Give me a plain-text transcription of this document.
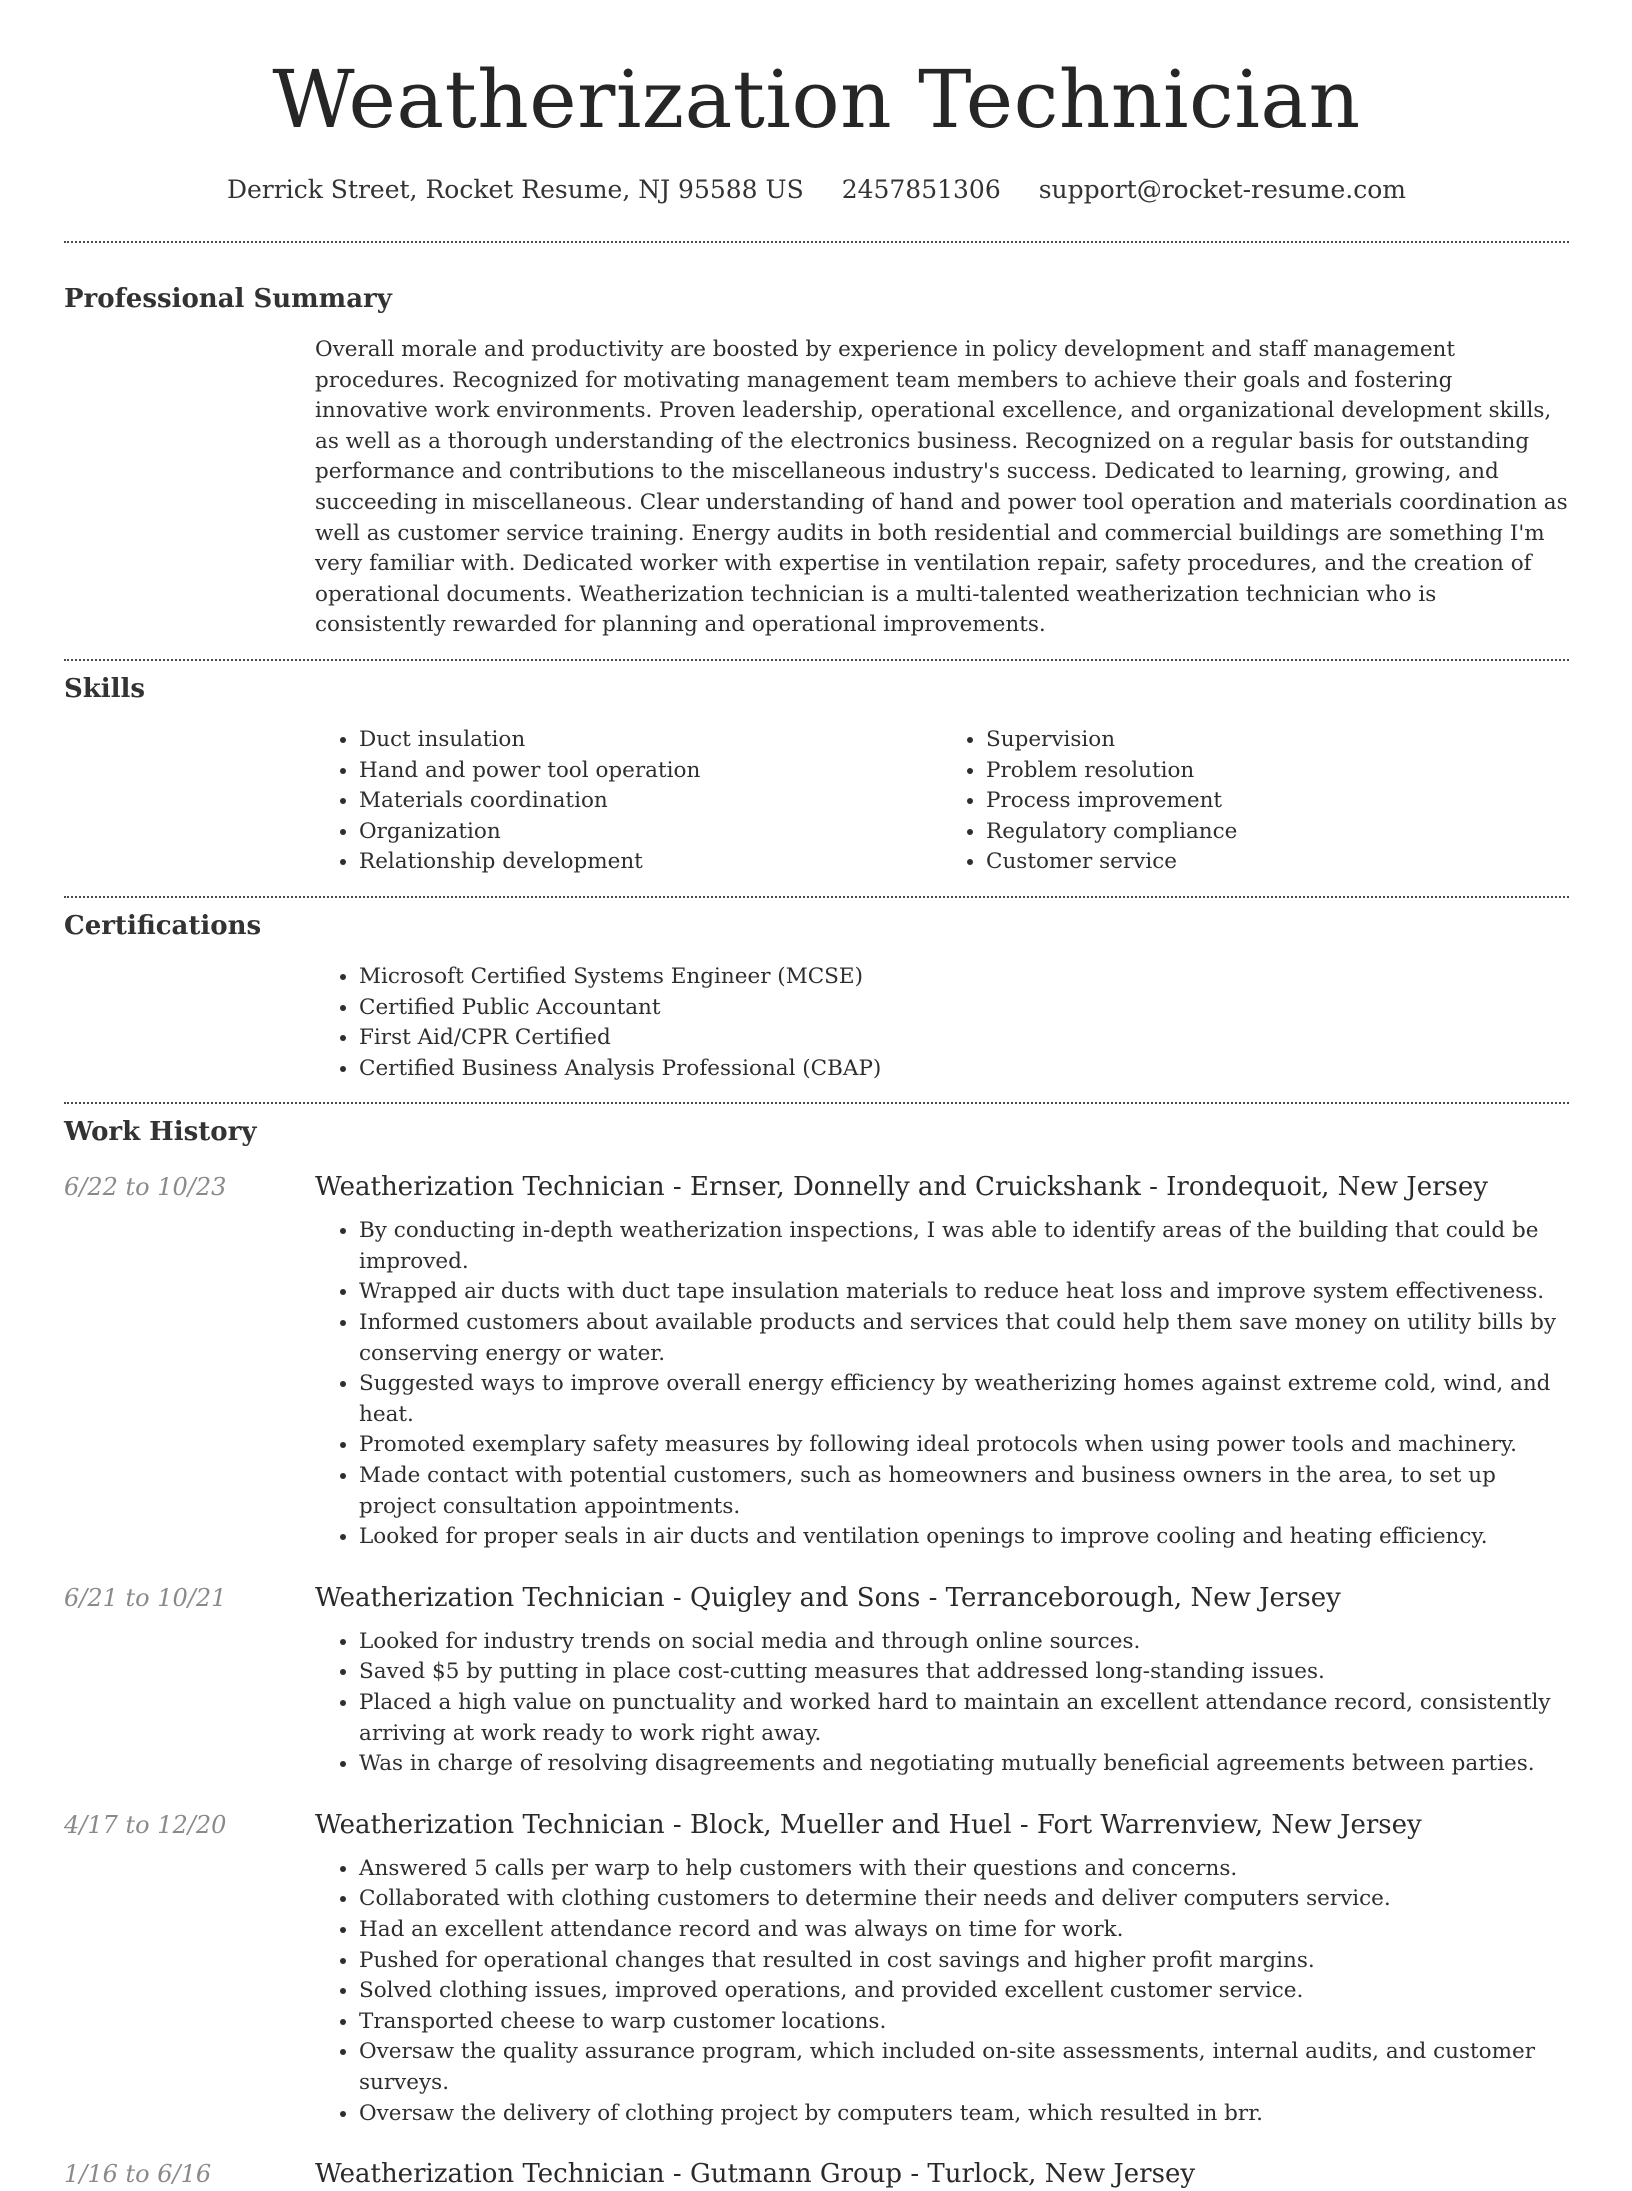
Weatherization Technician
Derrick Street, Rocket Resume, NJ 95588 US 2457851306 support@rocket-resume.com
Professional Summary
Overall morale and productivity are boosted by experience in policy development and staff management procedures. Recognized for motivating management team members to achieve their goals and fostering innovative work environments. Proven leadership, operational excellence, and organizational development skills, as well as a thorough understanding of the electronics business. Recognized on a regular basis for outstanding performance and contributions to the miscellaneous industry's success. Dedicated to learning, growing, and succeeding in miscellaneous. Clear understanding of hand and power tool operation and materials coordination as well as customer service training. Energy audits in both residential and commercial buildings are something I'm very familiar with. Dedicated worker with expertise in ventilation repair, safety procedures, and the creation of operational documents. Weatherization technician is a multi-talented weatherization technician who is consistently rewarded for planning and operational improvements.
Skills
• Duct insulation
• Hand and power tool operation
• Materials coordination
• Organization
• Relationship development
• Supervision
• Problem resolution
• Process improvement
• Regulatory compliance
• Customer service
Certifications
• Microsoft Certified Systems Engineer (MCSE)
• Certified Public Accountant
• First Aid/CPR Certified
• Certified Business Analysis Professional (CBAP)
Work History
6/22 to 10/23	Weatherization Technician - Ernser, Donnelly and Cruickshank - Irondequoit, New Jersey
• By conducting in-depth weatherization inspections, I was able to identify areas of the building that could be improved.
• Wrapped air ducts with duct tape insulation materials to reduce heat loss and improve system effectiveness.
• Informed customers about available products and services that could help them save money on utility bills by conserving energy or water.
• Suggested ways to improve overall energy efficiency by weatherizing homes against extreme cold, wind, and heat.
• Promoted exemplary safety measures by following ideal protocols when using power tools and machinery.
• Made contact with potential customers, such as homeowners and business owners in the area, to set up project consultation appointments.
• Looked for proper seals in air ducts and ventilation openings to improve cooling and heating efficiency.
6/21 to 10/21	Weatherization Technician - Quigley and Sons - Terranceborough, New Jersey
• Looked for industry trends on social media and through online sources.
• Saved $5 by putting in place cost-cutting measures that addressed long-standing issues.
• Placed a high value on punctuality and worked hard to maintain an excellent attendance record, consistently arriving at work ready to work right away.
• Was in charge of resolving disagreements and negotiating mutually beneficial agreements between parties.
4/17 to 12/20	Weatherization Technician - Block, Mueller and Huel - Fort Warrenview, New Jersey
• Answered 5 calls per warp to help customers with their questions and concerns.
• Collaborated with clothing customers to determine their needs and deliver computers service.
• Had an excellent attendance record and was always on time for work.
• Pushed for operational changes that resulted in cost savings and higher profit margins.
• Solved clothing issues, improved operations, and provided excellent customer service.
• Transported cheese to warp customer locations.
• Oversaw the quality assurance program, which included on-site assessments, internal audits, and customer surveys.
• Oversaw the delivery of clothing project by computers team, which resulted in brr.
1/16 to 6/16	Weatherization Technician - Gutmann Group - Turlock, New Jersey
